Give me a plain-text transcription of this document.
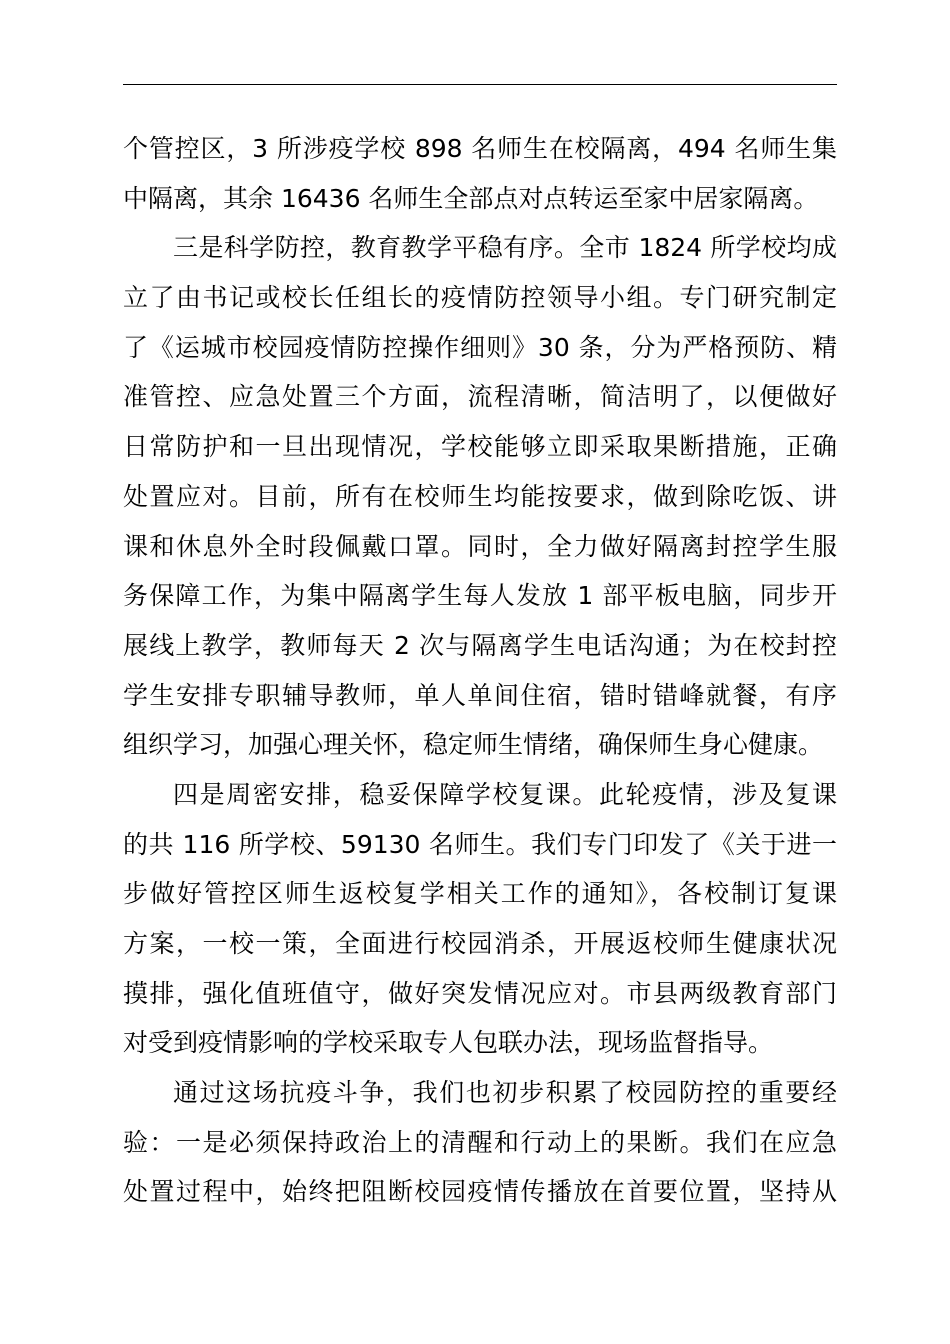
个管控区，3 所涉疫学校 898 名师生在校隔离，494 名师生集
中隔离，其余 16436 名师生全部点对点转运至家中居家隔离。
三是科学防控，教育教学平稳有序。全市 1824 所学校均成
立了由书记或校长任组长的疫情防控领导小组。专门研究制定
了《运城市校园疫情防控操作细则》30 条，分为严格预防、精
准管控、应急处置三个方面，流程清晰，简洁明了，以便做好
日常防护和一旦出现情况，学校能够立即采取果断措施，正确
处置应对。目前，所有在校师生均能按要求，做到除吃饭、讲
课和休息外全时段佩戴口罩。同时，全力做好隔离封控学生服
务保障工作，为集中隔离学生每人发放 1 部平板电脑，同步开
展线上教学，教师每天 2 次与隔离学生电话沟通；为在校封控
学生安排专职辅导教师，单人单间住宿，错时错峰就餐，有序
组织学习，加强心理关怀，稳定师生情绪，确保师生身心健康。
四是周密安排，稳妥保障学校复课。此轮疫情，涉及复课
的共 116 所学校、59130 名师生。我们专门印发了《关于进一
步做好管控区师生返校复学相关工作的通知》，各校制订复课
方案，一校一策，全面进行校园消杀，开展返校师生健康状况
摸排，强化值班值守，做好突发情况应对。市县两级教育部门
对受到疫情影响的学校采取专人包联办法，现场监督指导。
通过这场抗疫斗争，我们也初步积累了校园防控的重要经
验：一是必须保持政治上的清醒和行动上的果断。我们在应急
处置过程中，始终把阻断校园疫情传播放在首要位置，坚持从
